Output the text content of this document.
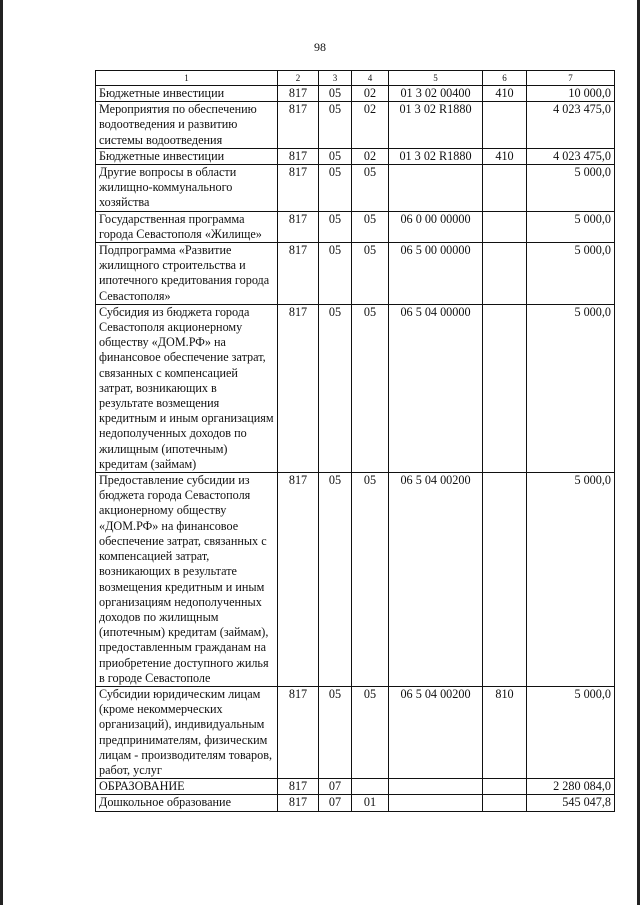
98
1	2	3	4	5	6	7
Бюджетные инвестиции	817	05	02	01 3 02 00400	410	10 000,0
Мероприятия по обеспечению водоотведения и развитию системы водоотведения	817	05	02	01 3 02 R1880		4 023 475,0
Бюджетные инвестиции	817	05	02	01 3 02 R1880	410	4 023 475,0
Другие вопросы в области жилищно-коммунального хозяйства	817	05	05			5 000,0
Государственная программа города Севастополя «Жилище»	817	05	05	06 0 00 00000		5 000,0
Подпрограмма «Развитие жилищного строительства и ипотечного кредитования города Севастополя»	817	05	05	06 5 00 00000		5 000,0
Субсидия из бюджета города Севастополя акционерному обществу «ДОМ.РФ» на финансовое обеспечение затрат, связанных с компенсацией затрат, возникающих в результате возмещения кредитным и иным организациям недополученных доходов по жилищным (ипотечным) кредитам (займам)	817	05	05	06 5 04 00000		5 000,0
Предоставление субсидии из бюджета города Севастополя акционерному обществу «ДОМ.РФ» на финансовое обеспечение затрат, связанных с компенсацией затрат, возникающих в результате возмещения кредитным и иным организациям недополученных доходов по жилищным (ипотечным) кредитам (займам), предоставленным гражданам на приобретение доступного жилья в городе Севастополе	817	05	05	06 5 04 00200		5 000,0
Субсидии юридическим лицам (кроме некоммерческих организаций), индивидуальным предпринимателям, физическим лицам - производителям товаров, работ, услуг	817	05	05	06 5 04 00200	810	5 000,0
ОБРАЗОВАНИЕ	817	07				2 280 084,0
Дошкольное образование	817	07	01			545 047,8
